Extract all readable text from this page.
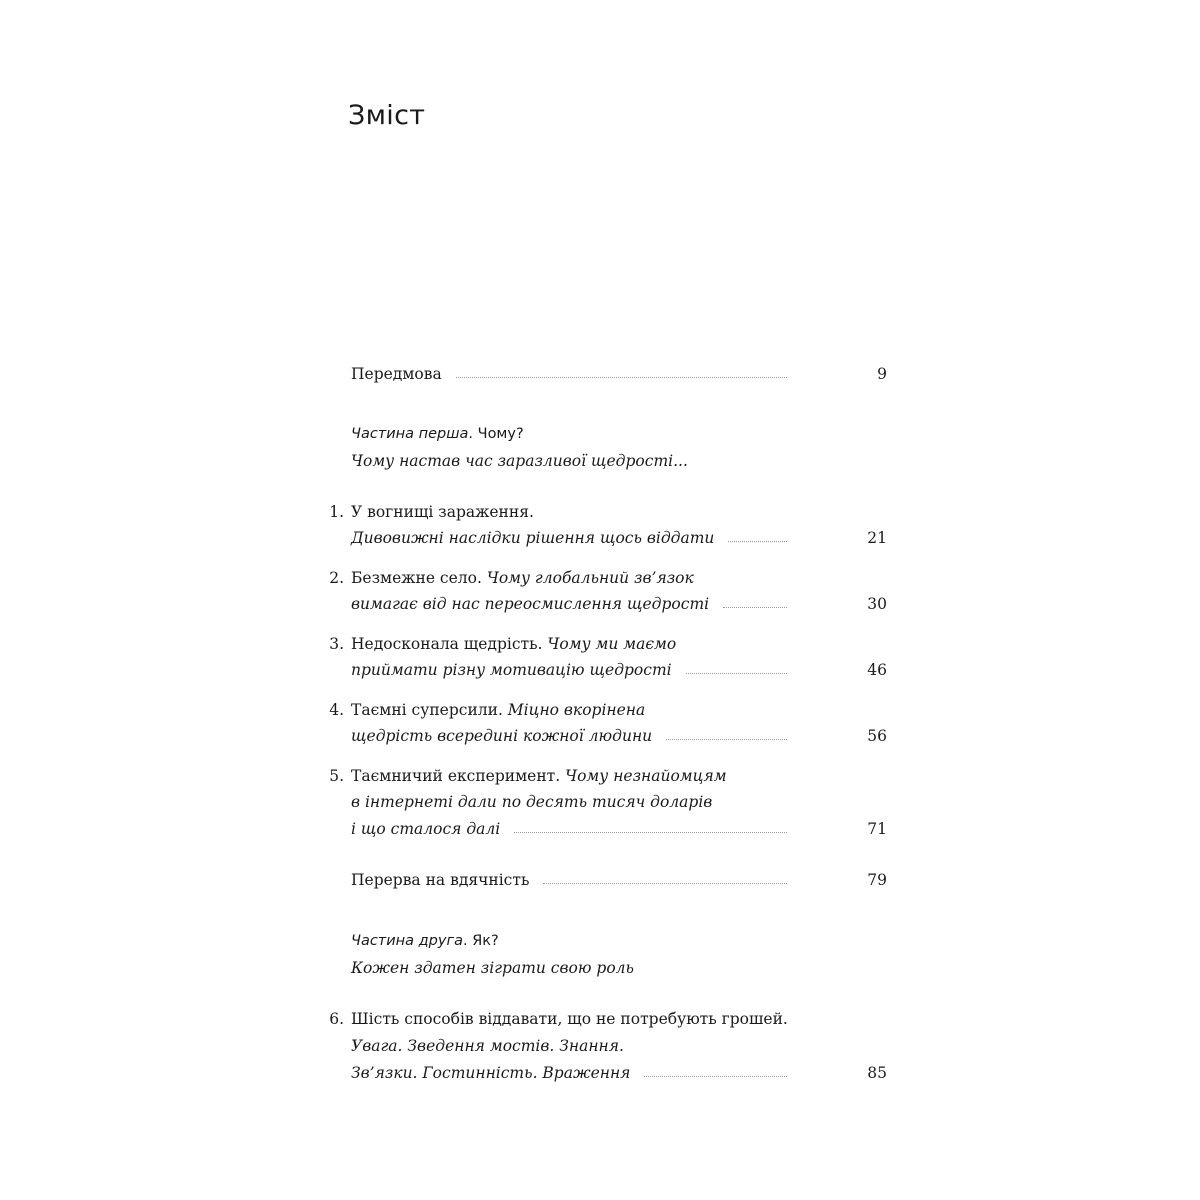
Зміст
Передмова	9
Частина перша . Чому?
Чому настав час заразливої щедрості...
1. У вогнищі зараження.
Дивовижні наслідки рішення щось віддати	21
2. Безмежне село. Чому глобальний зв’язок
вимагає від нас переосмислення щедрості	30
3. Недосконала щедрість. Чому ми маємо
приймати різну мотивацію щедрості	46
4. Таємні суперсили. Міцно вкорінена
щедрість всередині кожної людини	56
5. Таємничий експеримент. Чому незнайомцям
в інтернеті дали по десять тисяч доларів
і що сталося далі	71
Перерва на вдячність	79
Частина друга . Як?
Кожен здатен зіграти свою роль
6. Шість способів віддавати, що не потребують грошей.
Увага. Зведення мостів. Знання.
Зв’язки. Гостинність. Враження	85
